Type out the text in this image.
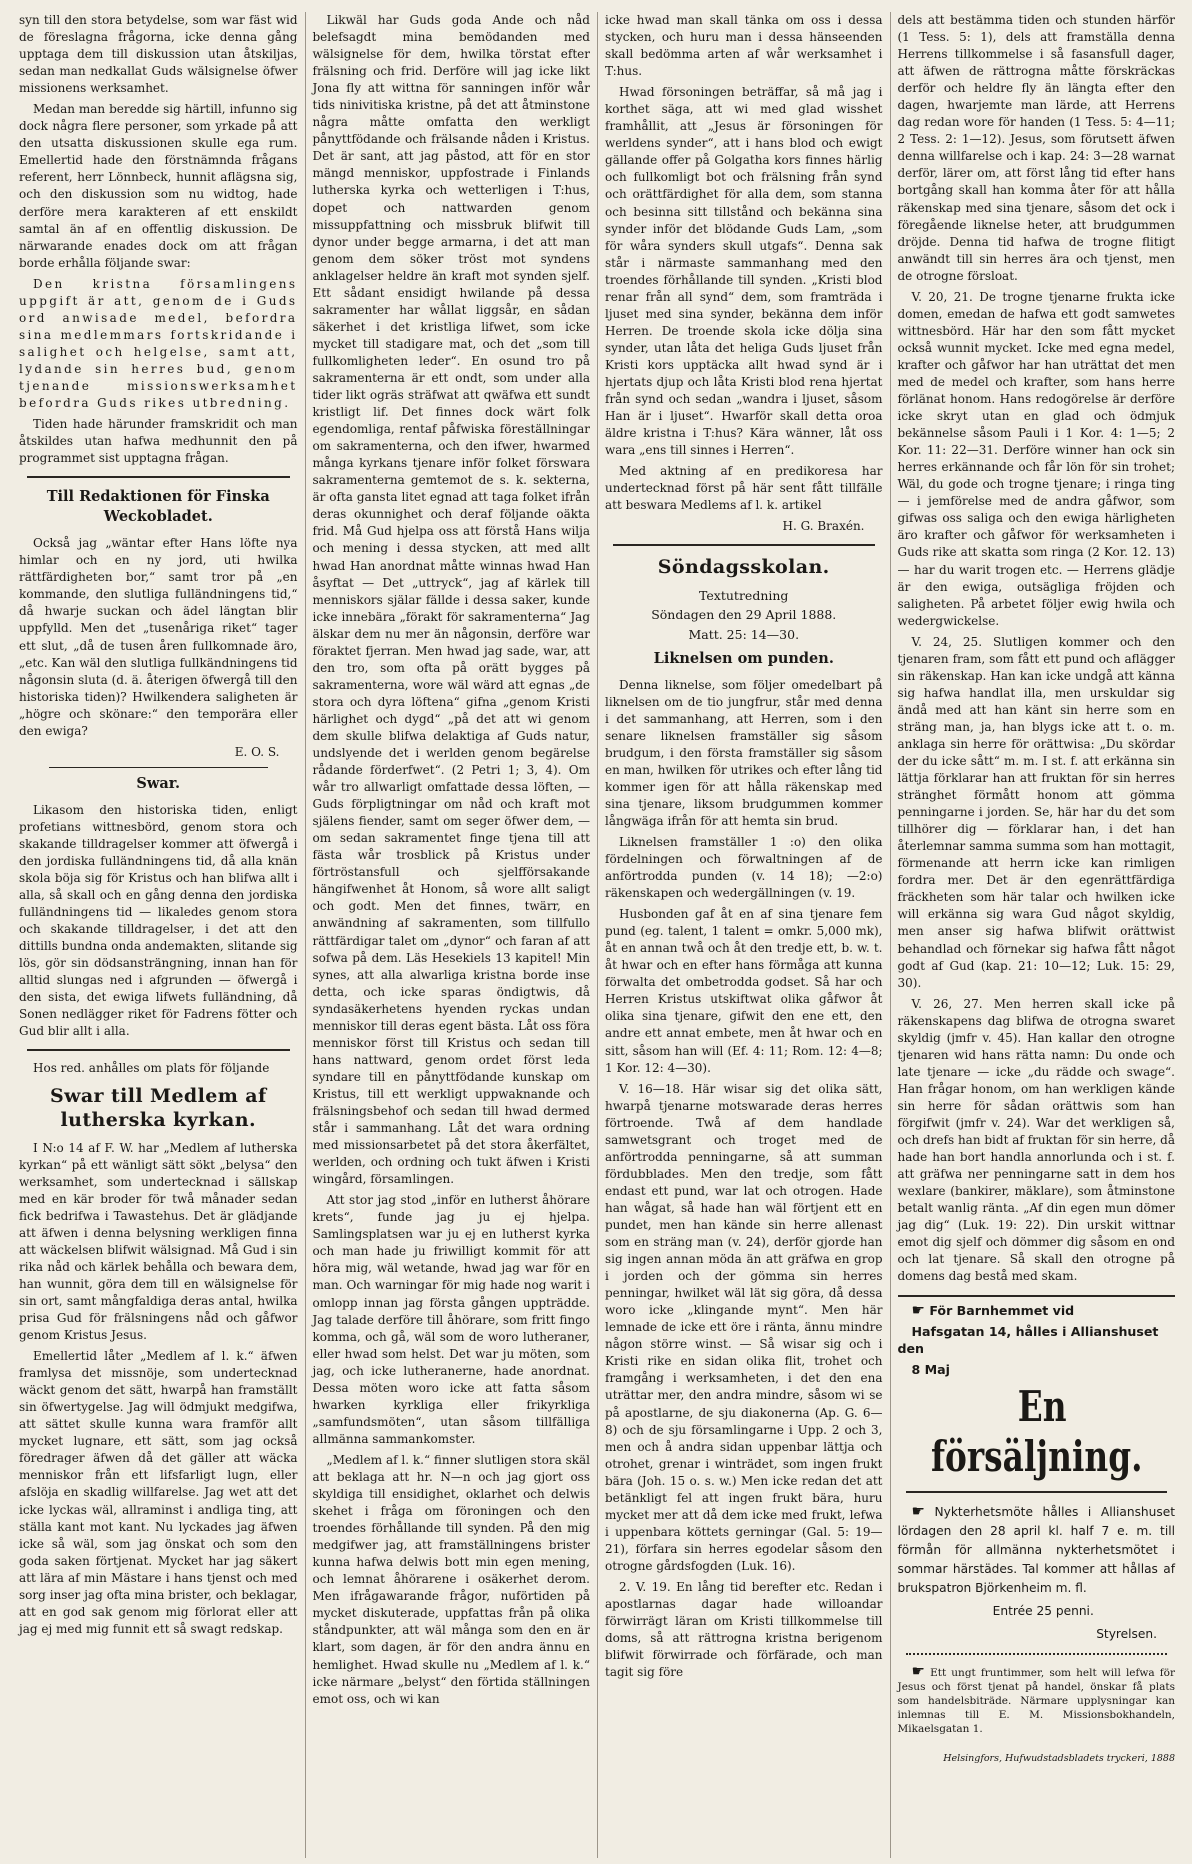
syn till den stora betydelse, som war fäst wid de föreslagna frågorna, icke denna gång upptaga dem till diskussion utan åtskiljas, sedan man nedkallat Guds wälsignelse öfwer missionens werksamhet.

Medan man beredde sig härtill, infunno sig dock några flere personer, som yrkade på att den utsatta diskussionen skulle ega rum. Emellertid hade den förstnämnda frågans referent, herr Lönnbeck, hunnit aflägsna sig, och den diskussion som nu widtog, hade derföre mera karakteren af ett enskildt samtal än af en offentlig diskussion. De närwarande enades dock om att frågan borde erhålla följande swar:

Den kristna församlingens uppgift är att, genom de i Guds ord anwisade medel, befordra sina medlemmars fortskridande i salighet och helgelse, samt att, lydande sin herres bud, genom tjenande missionswerksamhet befordra Guds rikes utbredning.

Tiden hade härunder framskridit och man åtskildes utan hafwa medhunnit den på programmet sist upptagna frågan.

Till Redaktionen för Finska Weckobladet.

Också jag „wäntar efter Hans löfte nya himlar och en ny jord, uti hwilka rättfärdigheten bor,“ samt tror på „en kommande, den slutliga fulländningens tid,“ då hwarje suckan och ädel längtan blir uppfylld. Men det „tusenåriga riket“ tager ett slut, „då de tusen åren fullkomnade äro, „etc. Kan wäl den slutliga fullkändningens tid någonsin sluta (d. ä. återigen öfwergå till den historiska tiden)? Hwilkendera saligheten är „högre och skönare:“ den temporära eller den ewiga?

E. O. S.

Swar.

Likasom den historiska tiden, enligt profetians wittnesbörd, genom stora och skakande tilldragelser kommer att öfwergå i den jordiska fulländningens tid, då alla knän skola böja sig för Kristus och han blifwa allt i alla, så skall och en gång denna den jordiska fulländningens tid — likaledes genom stora och skakande tilldragelser, i det att den dittills bundna onda andemakten, slitande sig lös, gör sin dödsansträngning, innan han för alltid slungas ned i afgrunden — öfwergå i den sista, det ewiga lifwets fulländning, då Sonen nedlägger riket för Fadrens fötter och Gud blir allt i alla.

Hos red. anhålles om plats för följande

Swar till Medlem af lutherska kyrkan.

I N:o 14 af F. W. har „Medlem af lutherska kyrkan“ på ett wänligt sätt sökt „belysa“ den werksamhet, som undertecknad i sällskap med en kär broder för twå månader sedan fick bedrifwa i Tawastehus. Det är glädjande att äfwen i denna belysning werkligen finna att wäckelsen blifwit wälsignad. Må Gud i sin rika nåd och kärlek behålla och bewara dem, han wunnit, göra dem till en wälsignelse för sin ort, samt mångfaldiga deras antal, hwilka prisa Gud för frälsningens nåd och gåfwor genom Kristus Jesus.

Emellertid låter „Medlem af l. k.“ äfwen framlysa det missnöje, som undertecknad wäckt genom det sätt, hwarpå han framställt sin öfwertygelse. Jag will ödmjukt medgifwa, att sättet skulle kunna wara framför allt mycket lugnare, ett sätt, som jag också föredrager äfwen då det gäller att wäcka menniskor från ett lifsfarligt lugn, eller afslöja en skadlig willfarelse. Jag wet att det icke lyckas wäl, allraminst i andliga ting, att ställa kant mot kant. Nu lyckades jag äfwen icke så wäl, som jag önskat och som den goda saken förtjenat. Mycket har jag säkert att lära af min Mästare i hans tjenst och med sorg inser jag ofta mina brister, och beklagar, att en god sak genom mig förlorat eller att jag ej med mig funnit ett så swagt redskap.

Likwäl har Guds goda Ande och nåd belefsagdt mina bemödanden med wälsignelse för dem, hwilka törstat efter frälsning och frid. Derföre will jag icke likt Jona fly att wittna för sanningen inför wår tids ninivitiska kristne, på det att åtminstone några måtte omfatta den werkligt pånyttfödande och frälsande nåden i Kristus. Det är sant, att jag påstod, att för en stor mängd menniskor, uppfostrade i Finlands lutherska kyrka och wetterligen i T:hus, dopet och nattwarden genom missuppfattning och missbruk blifwit till dynor under begge armarna, i det att man genom dem söker tröst mot syndens anklagelser heldre än kraft mot synden sjelf. Ett sådant ensidigt hwilande på dessa sakramenter har wållat liggsår, en sådan säkerhet i det kristliga lifwet, som icke mycket till stadigare mat, och det „som till fullkomligheten leder“. En osund tro på sakramenterna är ett ondt, som under alla tider likt ogräs sträfwat att qwäfwa ett sundt kristligt lif. Det finnes dock wärt folk egendomliga, rentaf påfwiska föreställningar om sakramenterna, och den ifwer, hwarmed många kyrkans tjenare inför folket förswara sakramenterna gemtemot de s. k. sekterna, är ofta gansta litet egnad att taga folket ifrån deras okunnighet och deraf följande oäkta frid. Må Gud hjelpa oss att förstå Hans wilja och mening i dessa stycken, att med allt hwad Han anordnat måtte winnas hwad Han åsyftat — Det „uttryck“, jag af kärlek till menniskors själar fällde i dessa saker, kunde icke innebära „förakt för sakramenterna“ Jag älskar dem nu mer än någonsin, derföre war föraktet fjerran. Men hwad jag sade, war, att den tro, som ofta på orätt bygges på sakramenterna, wore wäl wärd att egnas „de stora och dyra löftena“ gifna „genom Kristi härlighet och dygd“ „på det att wi genom dem skulle blifwa delaktiga af Guds natur, undslyende det i werlden genom begärelse rådande förderfwet“. (2 Petri 1; 3, 4). Om wår tro allwarligt omfattade dessa löften, — Guds förpligtningar om nåd och kraft mot själens fiender, samt om seger öfwer dem, — om sedan sakramentet finge tjena till att fästa wår trosblick på Kristus under förtröstansfull och sjelfförsakande hängifwenhet åt Honom, så wore allt saligt och godt. Men det finnes, twärr, en anwändning af sakramenten, som tillfullo rättfärdigar talet om „dynor“ och faran af att sofwa på dem. Läs Hesekiels 13 kapitel! Min synes, att alla alwarliga kristna borde inse detta, och icke sparas öndigtwis, då syndasäkerhetens hyenden ryckas undan menniskor till deras egent bästa. Låt oss föra menniskor först till Kristus och sedan till hans nattward, genom ordet först leda syndare till en pånyttfödande kunskap om Kristus, till ett werkligt uppwaknande och frälsningsbehof och sedan till hwad dermed står i sammanhang. Låt det wara ordning med missionsarbetet på det stora åkerfältet, werlden, och ordning och tukt äfwen i Kristi wingård, församlingen.

Att stor jag stod „inför en lutherst åhörare krets“, funde jag ju ej hjelpa. Samlingsplatsen war ju ej en lutherst kyrka och man hade ju friwilligt kommit för att höra mig, wäl wetande, hwad jag war för en man. Och warningar för mig hade nog warit i omlopp innan jag första gången uppträdde. Jag talade derföre till åhörare, som fritt fingo komma, och gå, wäl som de woro lutheraner, eller hwad som helst. Det war ju möten, som jag, och icke lutheranerne, hade anordnat. Dessa möten woro icke att fatta såsom hwarken kyrkliga eller frikyrkliga „samfundsmöten“, utan såsom tillfälliga allmänna sammankomster.

„Medlem af l. k.“ finner slutligen stora skäl att beklaga att hr. N—n och jag gjort oss skyldiga till ensidighet, oklarhet och delwis skehet i fråga om föroningen och den troendes förhållande till synden. På den mig medgifwer jag, att framställningens brister kunna hafwa delwis bott min egen mening, och lemnat åhörarene i osäkerhet derom. Men ifrågawarande frågor, nuförtiden på mycket diskuterade, uppfattas från på olika ståndpunkter, att wäl många som den en är klart, som dagen, är för den andra ännu en hemlighet. Hwad skulle nu „Medlem af l. k.“ icke närmare „belyst“ den förtida ställningen emot oss, och wi kan

icke hwad man skall tänka om oss i dessa stycken, och huru man i dessa hänseenden skall bedömma arten af wår werksamhet i T:hus.

Hwad försoningen beträffar, så må jag i korthet säga, att wi med glad wisshet framhållit, att „Jesus är försoningen för werldens synder“, att i hans blod och ewigt gällande offer på Golgatha kors finnes härlig och fullkomligt bot och frälsning från synd och orättfärdighet för alla dem, som stanna och besinna sitt tillstånd och bekänna sina synder inför det blödande Guds Lam, „som för wåra synders skull utgafs“. Denna sak står i närmaste sammanhang med den troendes förhållande till synden. „Kristi blod renar från all synd“ dem, som framträda i ljuset med sina synder, bekänna dem inför Herren. De troende skola icke dölja sina synder, utan låta det heliga Guds ljuset från Kristi kors upptäcka allt hwad synd är i hjertats djup och låta Kristi blod rena hjertat från synd och sedan „wandra i ljuset, såsom Han är i ljuset“. Hwarför skall detta oroa äldre kristna i T:hus? Kära wänner, låt oss wara „ens till sinnes i Herren“.

Med aktning af en predikoresa har undertecknad först på här sent fått tillfälle att beswara Medlems af l. k. artikel

H. G. Braxén.

Söndagsskolan.
Textutredning
Söndagen den 29 April 1888.
Matt. 25: 14—30.
Liknelsen om punden.

Denna liknelse, som följer omedelbart på liknelsen om de tio jungfrur, står med denna i det sammanhang, att Herren, som i den senare liknelsen framställer sig såsom brudgum, i den första framställer sig såsom en man, hwilken för utrikes och efter lång tid kommer igen för att hålla räkenskap med sina tjenare, liksom brudgummen kommer långwäga ifrån för att hemta sin brud.

Liknelsen framställer 1 :o) den olika fördelningen och förwaltningen af de anförtrodda punden (v. 14 18); —2:o) räkenskapen och wedergällningen (v. 19.

Husbonden gaf åt en af sina tjenare fem pund (eg. talent, 1 talent = omkr. 5,000 mk), åt en annan twå och åt den tredje ett, b. w. t. åt hwar och en efter hans förmåga att kunna förwalta det ombetrodda godset. Så har och Herren Kristus utskiftwat olika gåfwor åt olika sina tjenare, gifwit den ene ett, den andre ett annat embete, men åt hwar och en sitt, såsom han will (Ef. 4: 11; Rom. 12: 4—8; 1 Kor. 12: 4—30).

V. 16—18. Här wisar sig det olika sätt, hwarpå tjenarne motswarade deras herres förtroende. Twå af dem handlade samwetsgrant och troget med de anförtrodda penningarne, så att summan fördubblades. Men den tredje, som fått endast ett pund, war lat och otrogen. Hade han wågat, så hade han wäl förtjent ett en pundet, men han kände sin herre allenast som en sträng man (v. 24), derför gjorde han sig ingen annan möda än att gräfwa en grop i jorden och der gömma sin herres penningar, hwilket wäl lät sig göra, då dessa woro icke „klingande mynt“. Men här lemnade de icke ett öre i ränta, ännu mindre någon större winst. — Så wisar sig och i Kristi rike en sidan olika flit, trohet och framgång i werksamheten, i det den ena uträttar mer, den andra mindre, såsom wi se på apostlarne, de sju diakonerna (Ap. G. 6—8) och de sju församlingarne i Upp. 2 och 3, men och å andra sidan uppenbar lättja och otrohet, grenar i winträdet, som ingen frukt bära (Joh. 15 o. s. w.) Men icke redan det att betänkligt fel att ingen frukt bära, huru mycket mer att då dem icke med frukt, lefwa i uppenbara köttets gerningar (Gal. 5: 19—21), förfara sin herres egodelar såsom den otrogne gårdsfogden (Luk. 16).

2. V. 19. En lång tid berefter etc. Redan i apostlarnas dagar hade willoandar förwirrägt läran om Kristi tillkommelse till doms, så att rättrogna kristna berigenom blifwit förwirrade och förfärade, och man tagit sig före

dels att bestämma tiden och stunden härför (1 Tess. 5: 1), dels att framställa denna Herrens tillkommelse i så fasansfull dager, att äfwen de rättrogna måtte förskräckas derför och heldre fly än längta efter den dagen, hwarjemte man lärde, att Herrens dag redan wore för handen (1 Tess. 5: 4—11; 2 Tess. 2: 1—12). Jesus, som förutsett äfwen denna willfarelse och i kap. 24: 3—28 warnat derför, lärer om, att först lång tid efter hans bortgång skall han komma åter för att hålla räkenskap med sina tjenare, såsom det ock i föregående liknelse heter, att brudgummen dröjde. Denna tid hafwa de trogne flitigt anwändt till sin herres ära och tjenst, men de otrogne försloat.

V. 20, 21. De trogne tjenarne frukta icke domen, emedan de hafwa ett godt samwetes wittnesbörd. Här har den som fått mycket också wunnit mycket. Icke med egna medel, krafter och gåfwor har han uträttat det men med de medel och krafter, som hans herre förlänat honom. Hans redogörelse är derföre icke skryt utan en glad och ödmjuk bekännelse såsom Pauli i 1 Kor. 4: 1—5; 2 Kor. 11: 22—31. Derföre winner han ock sin herres erkännande och får lön för sin trohet; Wäl, du gode och trogne tjenare; i ringa ting — i jemförelse med de andra gåfwor, som gifwas oss saliga och den ewiga härligheten äro krafter och gåfwor för werksamheten i Guds rike att skatta som ringa (2 Kor. 12. 13) — har du warit trogen etc. — Herrens glädje är den ewiga, outsägliga fröjden och saligheten. På arbetet följer ewig hwila och wedergwickelse.

V. 24, 25. Slutligen kommer och den tjenaren fram, som fått ett pund och aflägger sin räkenskap. Han kan icke undgå att känna sig hafwa handlat illa, men urskuldar sig ändå med att han känt sin herre som en sträng man, ja, han blygs icke att t. o. m. anklaga sin herre för orättwisa: „Du skördar der du icke sått“ m. m. I st. f. att erkänna sin lättja förklarar han att fruktan för sin herres stränghet förmått honom att gömma penningarne i jorden. Se, här har du det som tillhörer dig — förklarar han, i det han återlemnar samma summa som han mottagit, förmenande att herrn icke kan rimligen fordra mer. Det är den egenrättfärdiga fräckheten som här talar och hwilken icke will erkänna sig wara Gud något skyldig, men anser sig hafwa blifwit orättwist behandlad och förnekar sig hafwa fått något godt af Gud (kap. 21: 10—12; Luk. 15: 29, 30).

V. 26, 27. Men herren skall icke på räkenskapens dag blifwa de otrogna swaret skyldig (jmfr v. 45). Han kallar den otrogne tjenaren wid hans rätta namn: Du onde och late tjenare — icke „du rädde och swage“. Han frågar honom, om han werkligen kände sin herre för sådan orättwis som han förgifwit (jmfr v. 24). War det werkligen så, och drefs han bidt af fruktan för sin herre, då hade han bort handla annorlunda och i st. f. att gräfwa ner penningarne satt in dem hos wexlare (bankirer, mäklare), som åtminstone betalt wanlig ränta. „Af din egen mun dömer jag dig“ (Luk. 19: 22). Din urskit wittnar emot dig sjelf och dömmer dig såsom en ond och lat tjenare. Så skall den otrogne på domens dag bestå med skam.

☛ För Barnhemmet vid

Hafsgatan 14, hålles i Allianshuset den

8 Maj

En försäljning.

☛ Nykterhetsmöte hålles i Allianshuset lördagen den 28 april kl. half 7 e. m. till förmån för allmänna nykterhetsmötet i sommar härstädes. Tal kommer att hållas af brukspatron Björkenheim m. fl.

Entrée 25 penni.

Styrelsen.

☛ Ett ungt fruntimmer, som helt will lefwa för Jesus och först tjenat på handel, önskar få plats som handelsbiträde. Närmare upplysningar kan inlemnas till E. M. Missionsbokhandeln, Mikaelsgatan 1.

Helsingfors, Hufwudstadsbladets tryckeri, 1888
